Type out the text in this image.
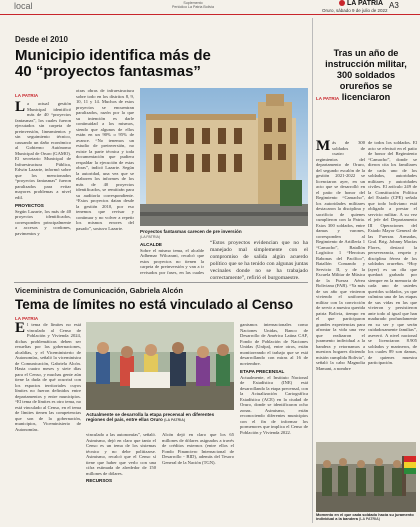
local	Suplemento
Periódico La Patria Bolivia
LA PATRIA
Oruro, sábado 9 de julio de 2022
A3
Desde el 2010
Municipio identifica más de
40 “proyectos fantasmas”
LA PATRIA
La actual gestión Municipal identificó más de 40 “proyectos fantasmas”, los cuales fueron ejecutados sin carpeta de preinversión, lineamientos y sin seguimiento técnico, causando un daño económico al Gobierno Autónomo Municipal de Oruro (GAMO). El secretario Municipal de Infraestructura Pública, Edwin Lazarte, informó sobre que los mencionados “proyectos fantasmas” fueron paralizados para evitar mayores problemas a nivel edil.
PROYECTOS
Según Lazarte, los más de 40 proyectos identificados, corresponden principalmente a accesos y cordones, pavimentos y
otras obras de infraestructura sobre todo en los distritos 8, 9, 10, 11 y 14. Muchos de estos proyectos se encuentran paralizados, razón por la que su intención es darle continuidad a los mismos, siendo que algunos de ellos están en un 90% o 95% de avance. “No tenemos un estudio de preinversión, no existe la parte técnica y toda documentación que pudiera respaldar la ejecución de estas obras”, indicó Lazarte. Según la autoridad, una vez que se elaboren los informes de los más de 40 proyectos identificados, se remitirán para su auditoría correspondiente. “Estos proyectos datan desde la gestión 2010, por eso tenemos que revisar y continuar y no volver a repetir los mismos errores del pasado”, sostuvo Lazarte.
Proyectos fantasmas carecen de pre inversión
(LA PATRIA)
ALCALDE
Sobre el mismo tema, el alcalde Adhemar Wilcarani, recalcó que estos proyectos no tienen la carpeta de preinversión y van a ir revisados por fases, en las cuales
“Estos proyectos evidencian que no ha manejado mal simplemente con el compromiso de salida algún acuerdo político que se ha tenido con algunas juntas vecinales donde no se ha trabajado correctamente”, refirió el burgomaestre.
Viceministra de Comunicación, Gabriela Alcón
Tema de límites no está vinculado al Censo
LA PATRIA
El tema de límites no está vinculado al Censo de Población y Vivienda 2024, dichas problemáticas deben ser resueltas por las gobernaciones, alcaldías, y el Viceministerio de Autonomías, señaló la viceministra de Comunicación, Gabriela Alcón. Hasta cuatro meses y siete días para el Censo, y muchas gente aún tiene la duda de qué ocurrirá con los espacios territoriales cuyos límites no fueron definidos entre departamentos y entre municipios. “El tema de límites es otro tema, no está vinculado al Censo, en el tema de límites tienen las competencias que son de la gobernación, municipios, Viceministerio de Autonomías.
Actualmente se desarrolla la etapa precensal en diferentes regiones del país, entre ellas Oruro (LA PATRIA)
vinculado a las autonomías”, señaló. Asimismo, dejó en claro que tanto el Censo es un tema de los sistemas técnico y no debe politizarse. Asimismo, recalcó que el Censo sí tiene que haber que verlo con una cifra estimada de alrededor de 150 millones de dólares.
RECURSOS
Alcón dejó en claro que los 65 millones de dólares asignados a través de créditos externos (entre ellos el Fondo Financiero Internacional de Desarrollo - BID), además del Tesoro General de la Nación (TGN).
ganismos internacionales como Naciones Unidas, Banco de Desarrollo de América Latina CAF, Fondo de Población de Naciones Unidas (Unfpa), entre otros, están monitoreando el trabajo que se está desarrollando con miras al 16 de noviembre.
ETAPA PRECENSAL
Actualmente, el Instituto Nacional de Estadística (INE) está desarrollando la etapa precensal, con la Actualización Cartográfica Estadística (ACE) en la ciudad de Oruro, donde se identificaron ocho zonas. Asimismo, están reconociendo diferentes municipios con el fin de informar los pormenores que implica el Censo de Población y Vivienda 2022.
Tras un año de
instrucción militar,
300 soldados
orureños se licenciaron
LA PATRIA
Más de 300 soldados de cuatro regimientos del departamento de Oruro, del segundo escalón de la gestión 2021-2022 se licenciaron ayer, en un acto que se desarrolló en el patio de honor del Regimiento “Camacho”, los autoridades militares destacaron la disciplina y sacrificio de quienes cumplieron con la Patria. Estos 300 soldados, entre damas y varones, corresponden al Regimiento de Artillería 1 “Camacho”, Batallón Logístico 1 “Heroicas Rabonas del Pacífico”, Batallón Comando y Servicio II, y de la Escuela Militar de Música de la Fuerza Aérea Boliviana (FAB). “Ya más de un año que vinieron viviendo el uniforme militar con la convicción de servir a nuestra querida patria Bolivia, tiempo en el que participaron grandes experiencias para afrontar la vida una vez que realizaron el juramento individual a la bandera y retornamos a nuestros hogares diciendo misión cumplida Bolivia”, señaló la cabo Magnolia Mamani, a nombre
de todos los soldados. El acto se efectuó en el patio de honor del Regimiento “Camacho”, donde se dieron cita los familiares de cada uno de los soldados, autoridades militares y autoridades civiles. El artículo 249 de la Constitución Política del Estado (CPE) señala que todo boliviano está obligado a prestar el servicio militar. A su vez el jefe del Departamento III Operaciones del Estado Mayor General de las Fuerzas Armadas, Gral. Brig. Johnny Macías Flores, destacó la perseverancia, respeto y disciplina férrea de los soldados orureños. “Hoy (ayer) es un día que quedará grabado por siempre en la memoria de cada uno de ustedes queridos soldados, ya que culmina una de las etapas de sus vidas en las que vivieron y persistieron ante todo al igual que han madurado profundamente en su ser y que serán cuidadosamente familias”, aseveró. A nivel nacional se licenciaron 8.905 soldados y marineros, de los cuales 89 son damas, de quienes muestra participación.
Momento en el que cada soldado hacía su juramento individual a la bandera (LA PATRIA)
